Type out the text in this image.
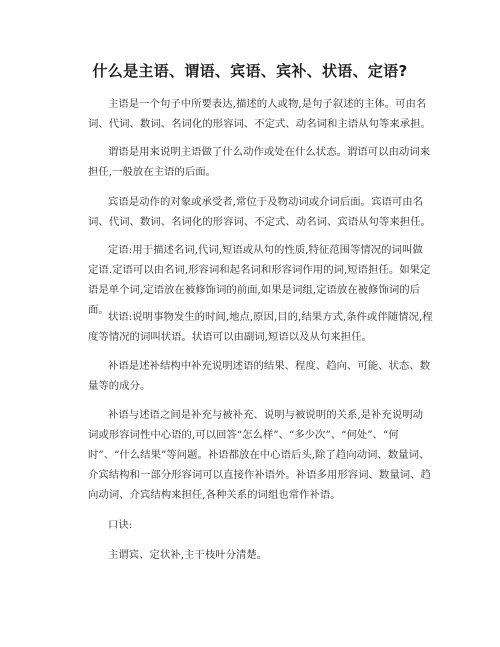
什么是主语、谓语、宾语、宾补、状语、定语?

主语是一个句子中所要表达,描述的人或物,是句子叙述的主体。可由名词、代词、数词、名词化的形容词、不定式、动名词和主语从句等来承担。

谓语是用来说明主语做了什么动作或处在什么状态。谓语可以由动词来担任,一般放在主语的后面。

宾语是动作的对象或承受者,常位于及物动词或介词后面。宾语可由名词、代词、数词、名词化的形容词、不定式、动名词、宾语从句等来担任。

定语:用于描述名词,代词,短语或从句的性质,特征范围等情况的词叫做定语.定语可以由名词,形容词和起名词和形容词作用的词,短语担任。如果定语是单个词,定语放在被修饰词的前面,如果是词组,定语放在被修饰词的后面。

状语:说明事物发生的时间,地点,原因,目的,结果方式,条件或伴随情况,程度等情况的词叫状语。状语可以由副词,短语以及从句来担任。

补语是述补结构中补充说明述语的结果、程度、趋向、可能、状态、数量等的成分。

补语与述语之间是补充与被补充、说明与被说明的关系,是补充说明动词或形容词性中心语的,可以回答“怎么样”、“多少次”、“何处”、“何时”、“什么结果”等问题。补语都放在中心语后头,除了趋向动词、数量词、介宾结构和一部分形容词可以直接作补语外。补语多用形容词、数量词、趋向动词、介宾结构来担任,各种关系的词组也常作补语。

口诀:

主谓宾、定状补,主干枝叶分清楚。
